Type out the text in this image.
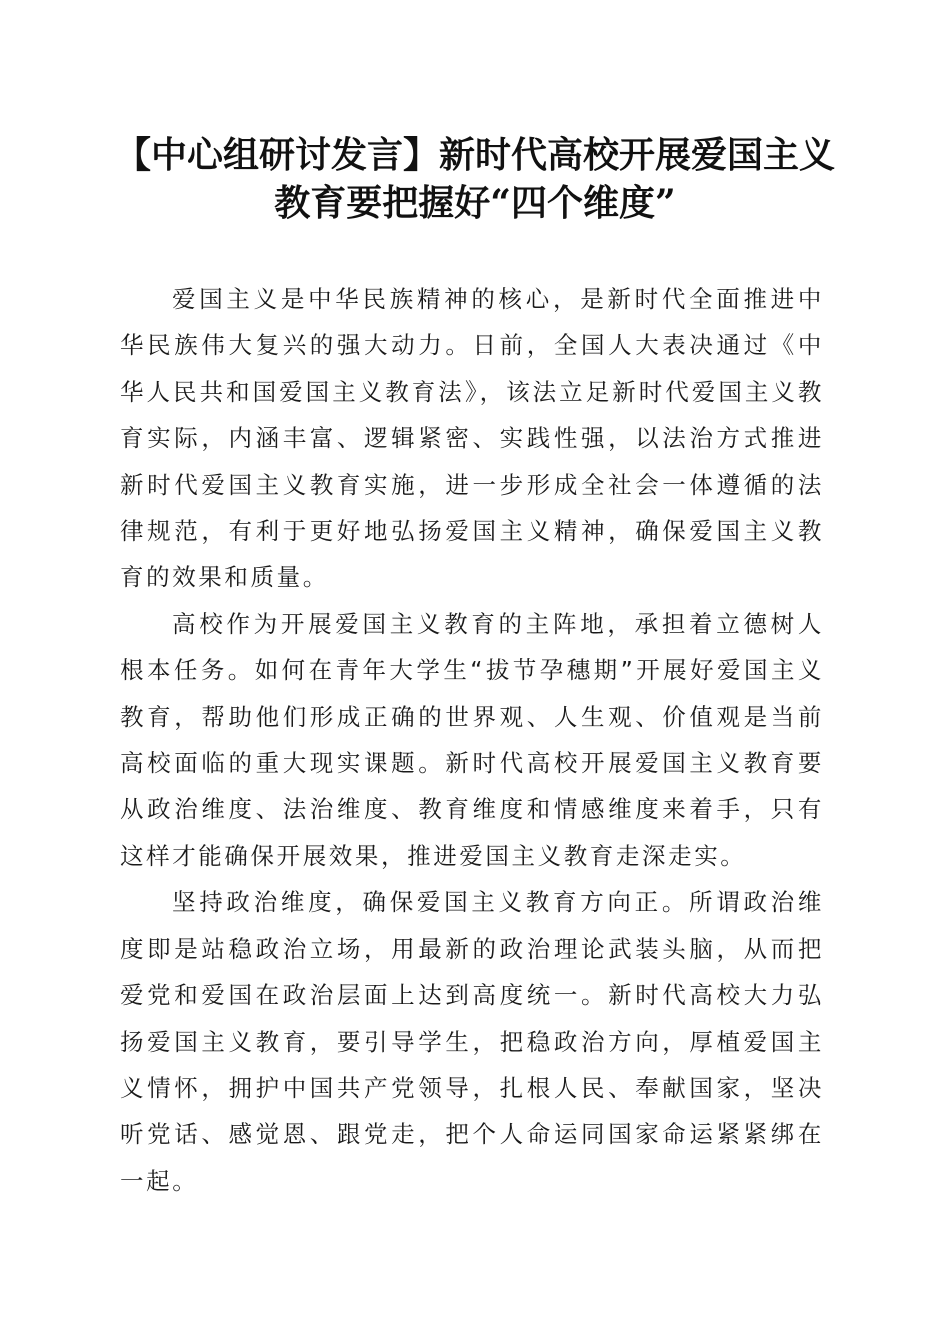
【中心组研讨发言】新时代高校开展爱国主义
教育要把握好“四个维度”

爱国主义是中华民族精神的核心，是新时代全面推进中华民族伟大复兴的强大动力。日前，全国人大表决通过《中华人民共和国爱国主义教育法》，该法立足新时代爱国主义教育实际，内涵丰富、逻辑紧密、实践性强，以法治方式推进新时代爱国主义教育实施，进一步形成全社会一体遵循的法律规范，有利于更好地弘扬爱国主义精神，确保爱国主义教育的效果和质量。

高校作为开展爱国主义教育的主阵地，承担着立德树人根本任务。如何在青年大学生“拔节孕穗期”开展好爱国主义教育，帮助他们形成正确的世界观、人生观、价值观是当前高校面临的重大现实课题。新时代高校开展爱国主义教育要从政治维度、法治维度、教育维度和情感维度来着手，只有这样才能确保开展效果，推进爱国主义教育走深走实。

坚持政治维度，确保爱国主义教育方向正。所谓政治维度即是站稳政治立场，用最新的政治理论武装头脑，从而把爱党和爱国在政治层面上达到高度统一。新时代高校大力弘扬爱国主义教育，要引导学生，把稳政治方向，厚植爱国主义情怀，拥护中国共产党领导，扎根人民、奉献国家，坚决听党话、感觉恩、跟党走，把个人命运同国家命运紧紧绑在一起。
